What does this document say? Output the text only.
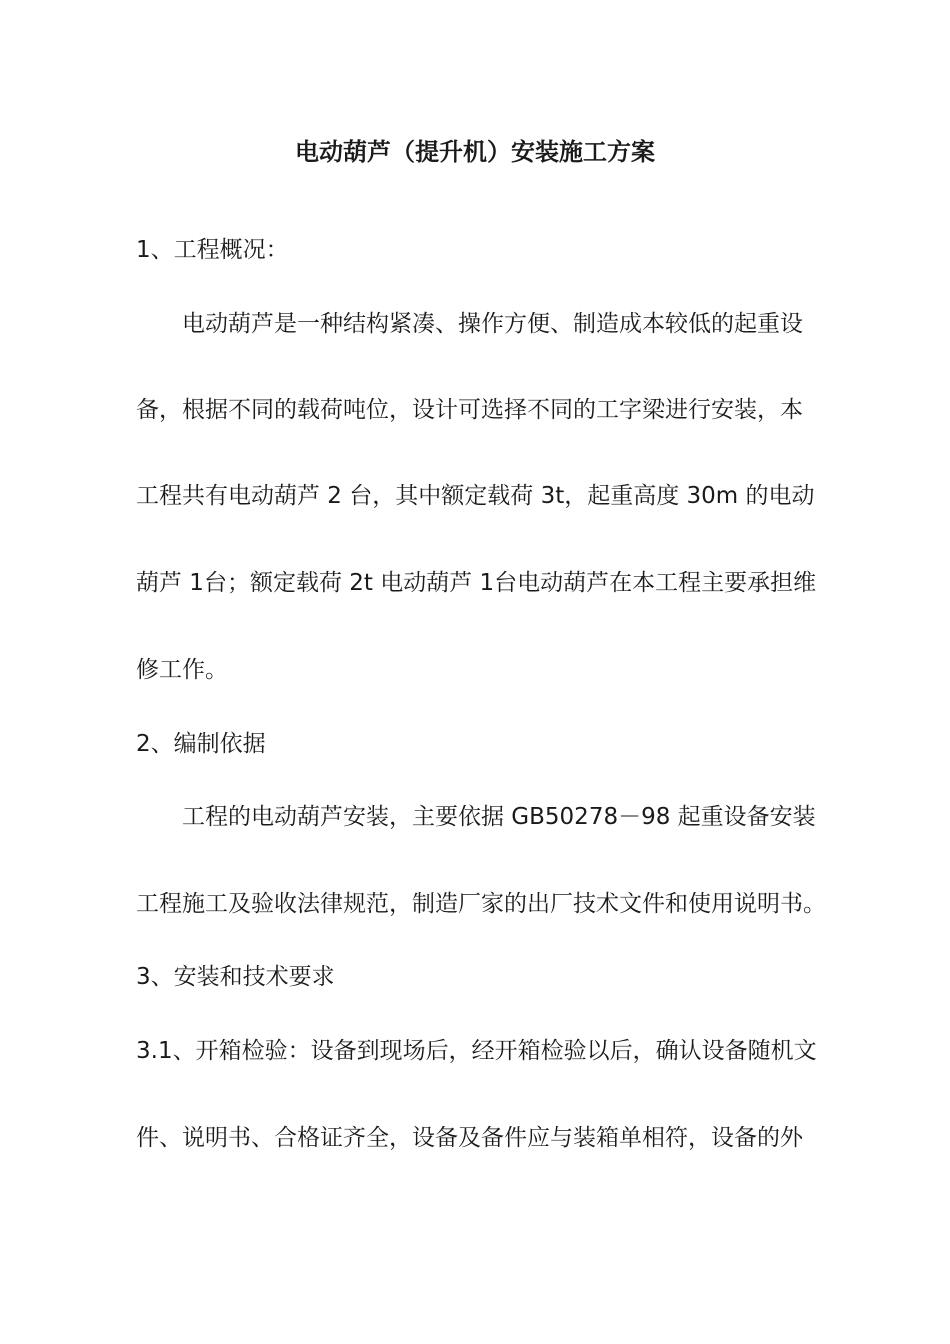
电动葫芦（提升机）安装施工方案
1、工程概况：
电动葫芦是一种结构紧凑、操作方便、制造成本较低的起重设
备，根据不同的载荷吨位，设计可选择不同的工字梁进行安装，本
工程共有电动葫芦 2 台，其中额定载荷 3t，起重高度 30m 的电动
葫芦 1台；额定载荷 2t 电动葫芦 1台电动葫芦在本工程主要承担维
修工作。
2、编制依据
工程的电动葫芦安装，主要依据 GB50278－98 起重设备安装
工程施工及验收法律规范，制造厂家的出厂技术文件和使用说明书。
3、安装和技术要求
3.1、开箱检验：设备到现场后，经开箱检验以后，确认设备随机文
件、说明书、合格证齐全，设备及备件应与装箱单相符，设备的外
